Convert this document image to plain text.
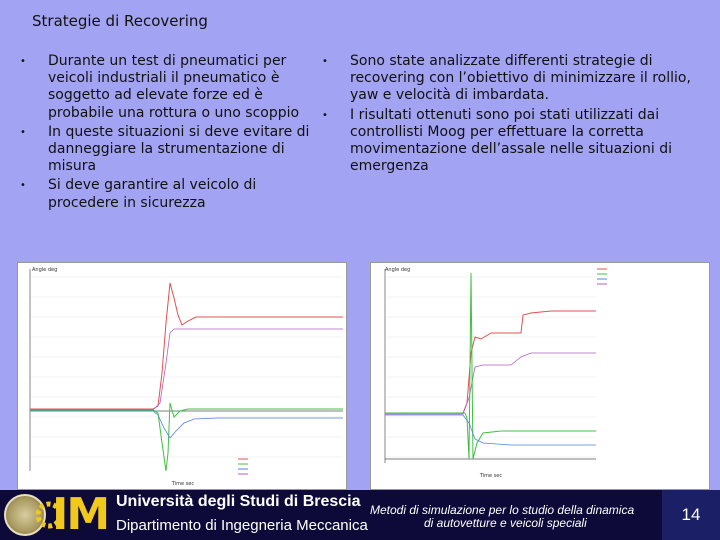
Strategie di Recovering
• Durante un test di pneumatici per veicoli industriali il pneumatico è soggetto ad elevate forze ed è probabile una rottura o uno scoppio
• In queste situazioni si deve evitare di danneggiare la strumentazione di misura
• Si deve garantire al veicolo di procedere in sicurezza
• Sono state analizzate differenti strategie di recovering con l’obiettivo di minimizzare il rollio, yaw e velocità di imbardata.
• I risultati ottenuti sono poi stati utilizzati dai controllisti Moog per effettuare la corretta movimentazione dell’assale nelle situazioni di emergenza
Angle deg
Time sec
Angle deg
Time sec
IM Università degli Studi di Brescia
Dipartimento di Ingegneria Meccanica
Metodi di simulazione per lo studio della dinamica
di autovetture e veicoli speciali	14
